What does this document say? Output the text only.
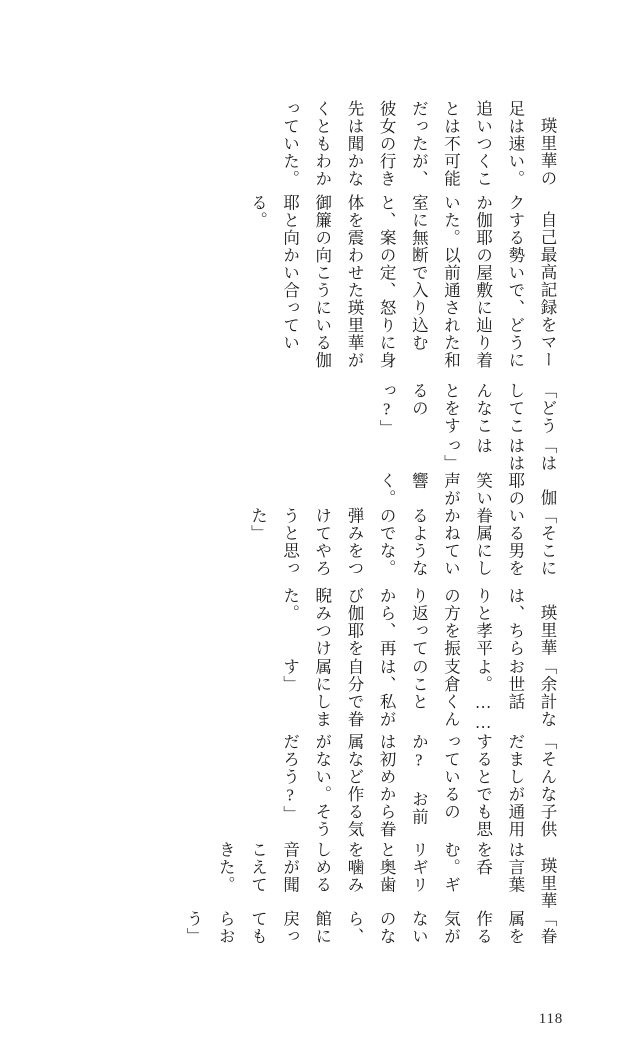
瑛里華の足は速い。追いつくことは不可能だったが、彼女の行き先は聞かなくともわかっていた。

自己最高記録をマークする勢いで、どうにか伽耶の屋敷に辿り着いた。以前通された和室に無断で入り込むと、案の定、怒りに身体を震わせた瑛里華が御簾の向こうにいる伽耶と向かい合っている。

「どうしてこんなことをするのっ?」

「ははははっ」

伽耶の笑い声が響く。

「そこにいる男を眷属にしかねているようなのでな。弾みをつけてやろうと思った」

瑛里華は、ちらりと孝平の方を振り返ってから、再び伽耶を睨みつけた。

「余計なお世話よ。……支倉くんのことは、私が自分で眷属にします」

「そんな子供だましが通用するとでも思っているのか? お前は初めから眷属など作る気がない。そうだろう?」

瑛里華は言葉を呑む。ギリギリと奥歯を噛みしめる音が聞こえてきた。

「眷属を作る気がないのなら、館に戻ってもらおう」

118
